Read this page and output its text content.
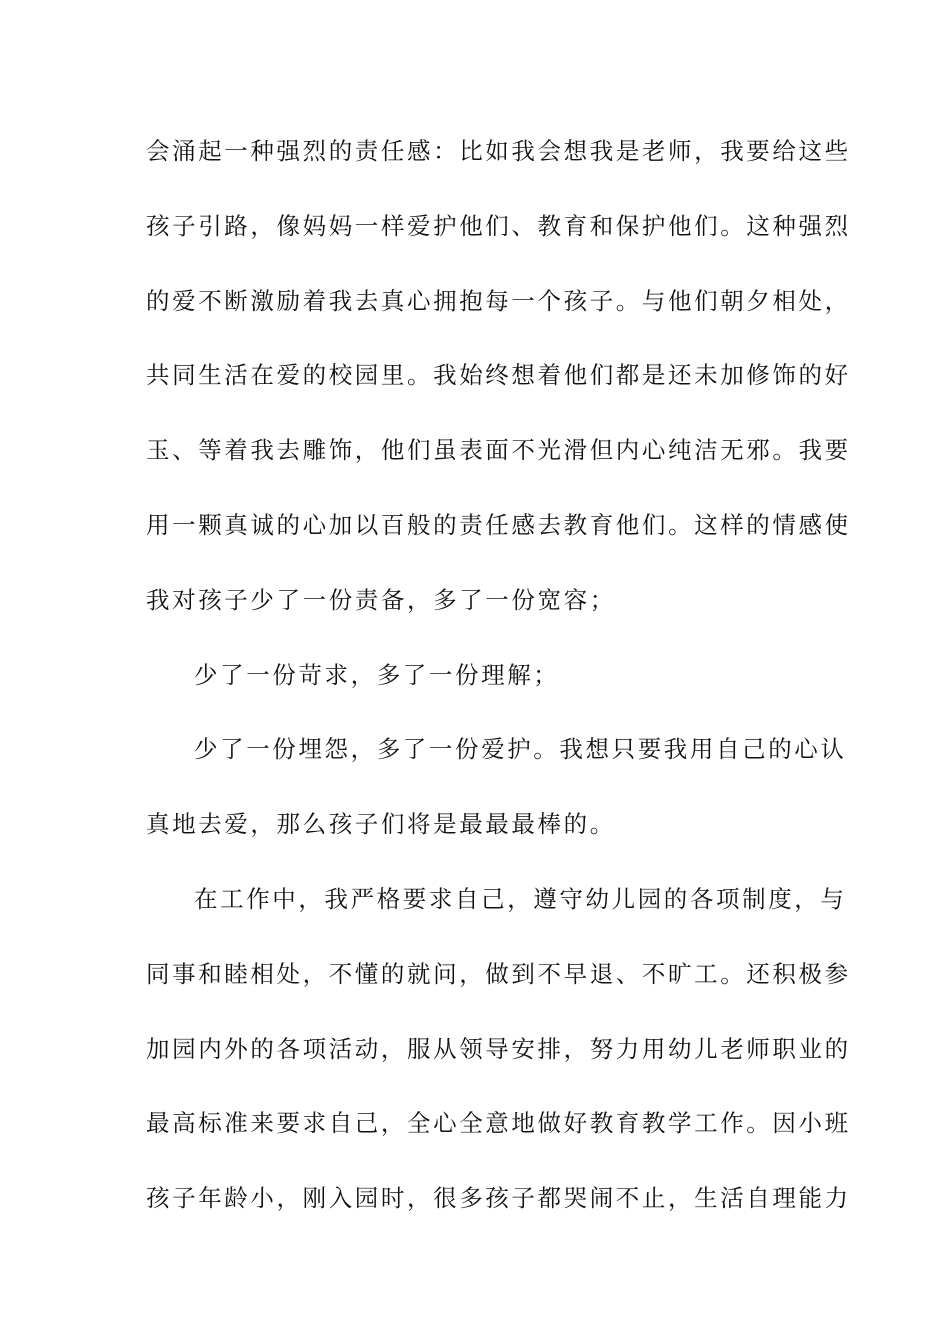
会涌起一种强烈的责任感：比如我会想我是老师，我要给这些
孩子引路，像妈妈一样爱护他们、教育和保护他们。这种强烈
的爱不断激励着我去真心拥抱每一个孩子。与他们朝夕相处，
共同生活在爱的校园里。我始终想着他们都是还未加修饰的好
玉、等着我去雕饰，他们虽表面不光滑但内心纯洁无邪。我要
用一颗真诚的心加以百般的责任感去教育他们。这样的情感使
我对孩子少了一份责备，多了一份宽容；
少了一份苛求，多了一份理解；
少了一份埋怨，多了一份爱护。我想只要我用自己的心认
真地去爱，那么孩子们将是最最最棒的。
在工作中，我严格要求自己，遵守幼儿园的各项制度，与
同事和睦相处，不懂的就问，做到不早退、不旷工。还积极参
加园内外的各项活动，服从领导安排，努力用幼儿老师职业的
最高标准来要求自己，全心全意地做好教育教学工作。因小班
孩子年龄小，刚入园时，很多孩子都哭闹不止，生活自理能力
